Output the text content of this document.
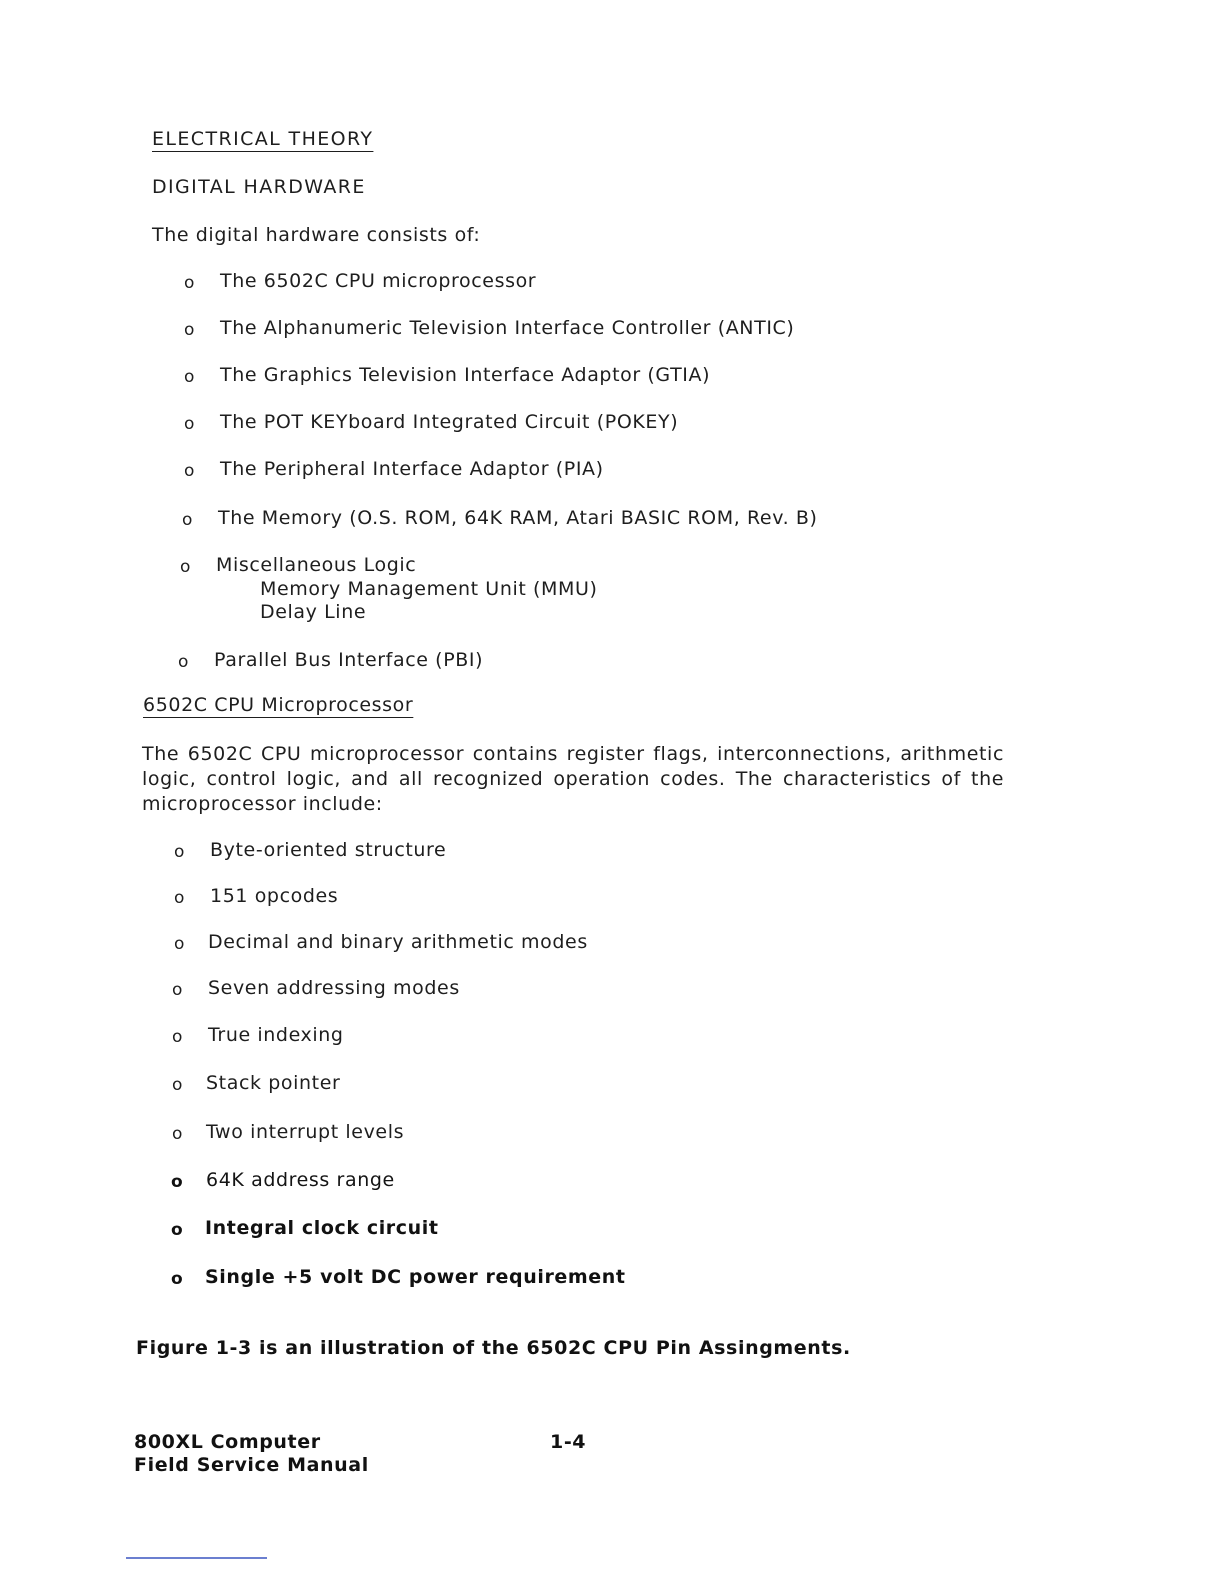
ELECTRICAL THEORY
DIGITAL HARDWARE
The digital hardware consists of:
o The 6502C CPU microprocessor
o The Alphanumeric Television Interface Controller (ANTIC)
o The Graphics Television Interface Adaptor (GTIA)
o The POT KEYboard Integrated Circuit (POKEY)
o The Peripheral Interface Adaptor (PIA)
o The Memory (O.S. ROM, 64K RAM, Atari BASIC ROM, Rev. B)
o Miscellaneous Logic
Memory Management Unit (MMU)
Delay Line
o Parallel Bus Interface (PBI)
6502C CPU Microprocessor
The 6502C CPU microprocessor contains register flags, interconnections, arithmetic logic, control logic, and all recognized operation codes. The characteristics of the microprocessor include:
o Byte-oriented structure
o 151 opcodes
o Decimal and binary arithmetic modes
o Seven addressing modes
o True indexing
o Stack pointer
o Two interrupt levels
o 64K address range
o Integral clock circuit
o Single +5 volt DC power requirement
Figure 1-3 is an illustration of the 6502C CPU Pin Assingments.
800XL Computer
Field Service Manual
1-4
